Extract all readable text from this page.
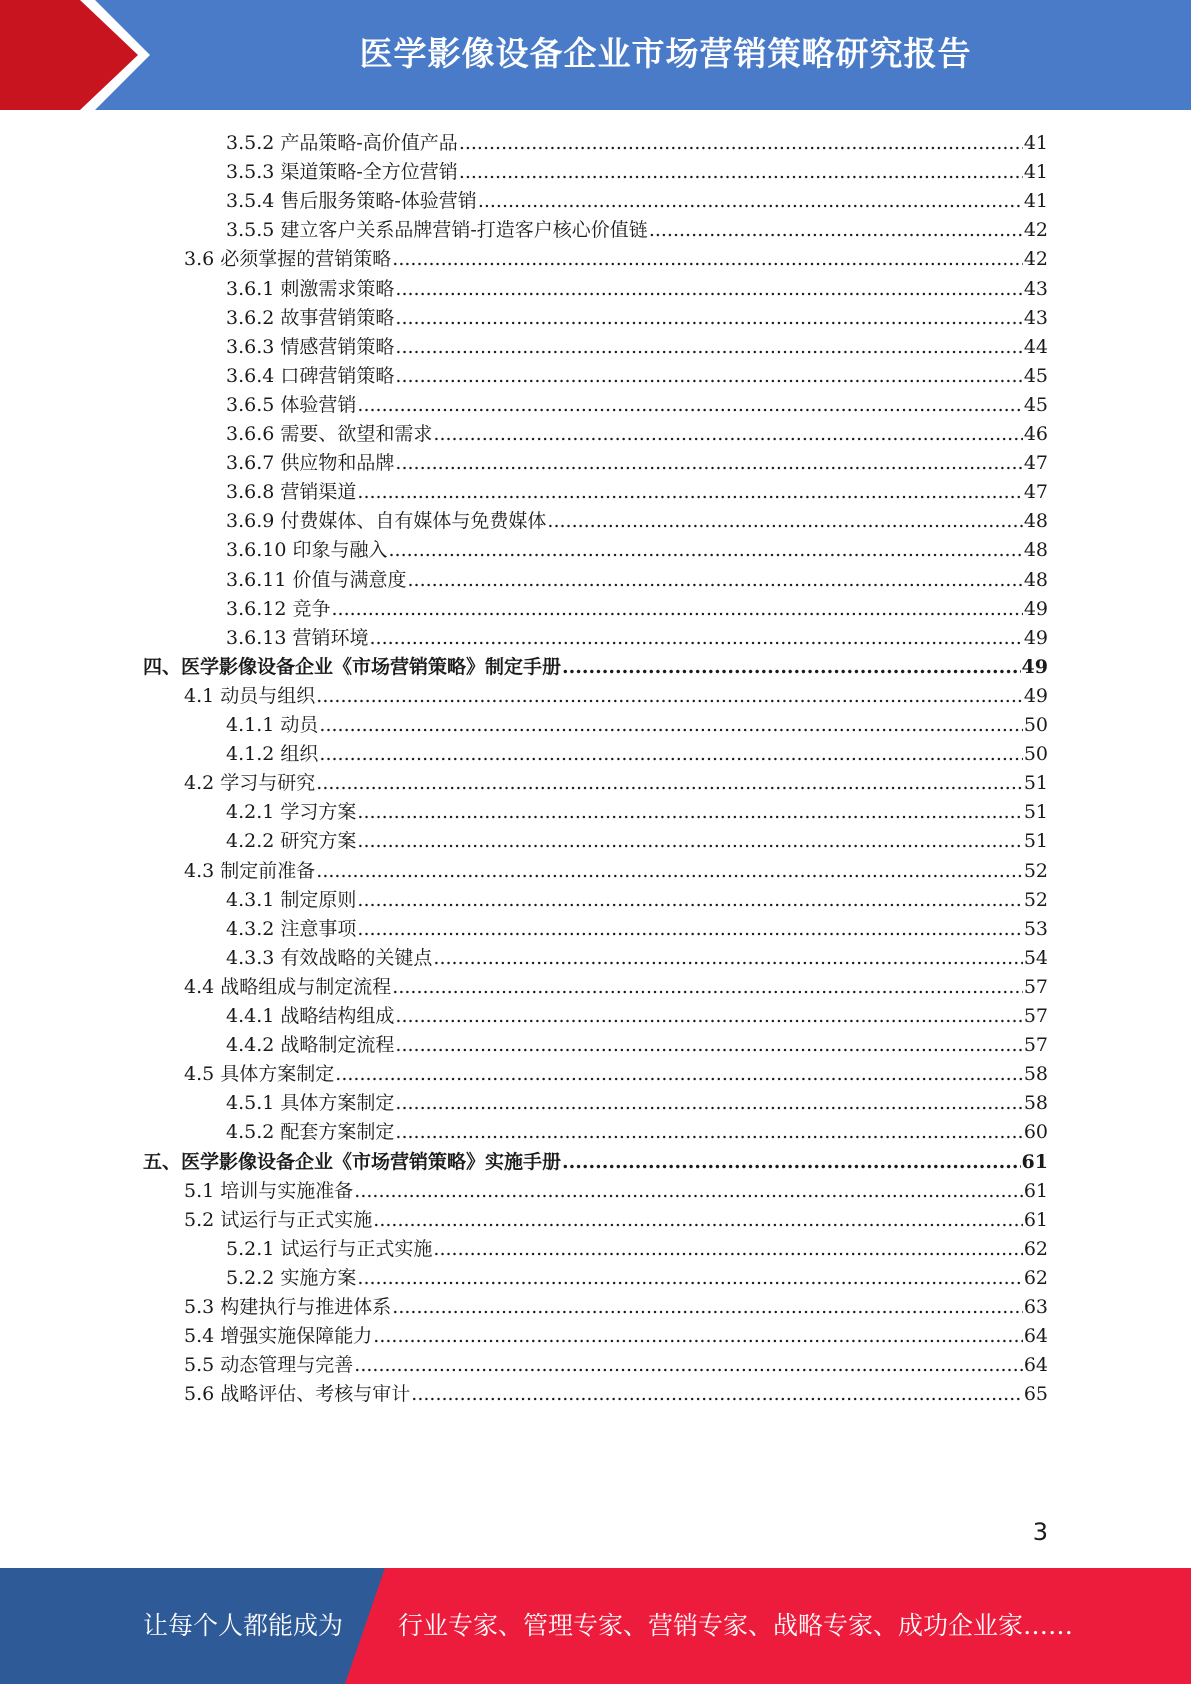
医学影像设备企业市场营销策略研究报告
3.5.2 产品策略-高价值产品 .....	41
3.5.3 渠道策略-全方位营销 .....	41
3.5.4 售后服务策略-体验营销 .....	41
3.5.5 建立客户关系品牌营销-打造客户核心价值链 .....	42
3.6 必须掌握的营销策略 .....	42
3.6.1 刺激需求策略 .....	43
3.6.2 故事营销策略 .....	43
3.6.3 情感营销策略 .....	44
3.6.4 口碑营销策略 .....	45
3.6.5 体验营销 .....	45
3.6.6 需要、欲望和需求 .....	46
3.6.7 供应物和品牌 .....	47
3.6.8 营销渠道 .....	47
3.6.9 付费媒体、自有媒体与免费媒体 .....	48
3.6.10 印象与融入 .....	48
3.6.11 价值与满意度 .....	48
3.6.12 竞争 .....	49
3.6.13 营销环境 .....	49
四、 医学影像设备企业《市场营销策略》制定手册 .....	49
4.1 动员与组织 .....	49
4.1.1 动员 .....	50
4.1.2 组织 .....	50
4.2 学习与研究 .....	51
4.2.1 学习方案 .....	51
4.2.2 研究方案 .....	51
4.3 制定前准备 .....	52
4.3.1 制定原则 .....	52
4.3.2 注意事项 .....	53
4.3.3 有效战略的关键点 .....	54
4.4 战略组成与制定流程 .....	57
4.4.1 战略结构组成 .....	57
4.4.2 战略制定流程 .....	57
4.5 具体方案制定 .....	58
4.5.1 具体方案制定 .....	58
4.5.2 配套方案制定 .....	60
五、 医学影像设备企业《市场营销策略》实施手册 .....	61
5.1 培训与实施准备 .....	61
5.2 试运行与正式实施 .....	61
5.2.1 试运行与正式实施 .....	62
5.2.2 实施方案 .....	62
5.3 构建执行与推进体系 .....	63
5.4 增强实施保障能力 .....	64
5.5 动态管理与完善 .....	64
5.6 战略评估、考核与审计 .....	65
3
让每个人都能成为 行业专家、管理专家、营销专家、战略专家、成功企业家……
